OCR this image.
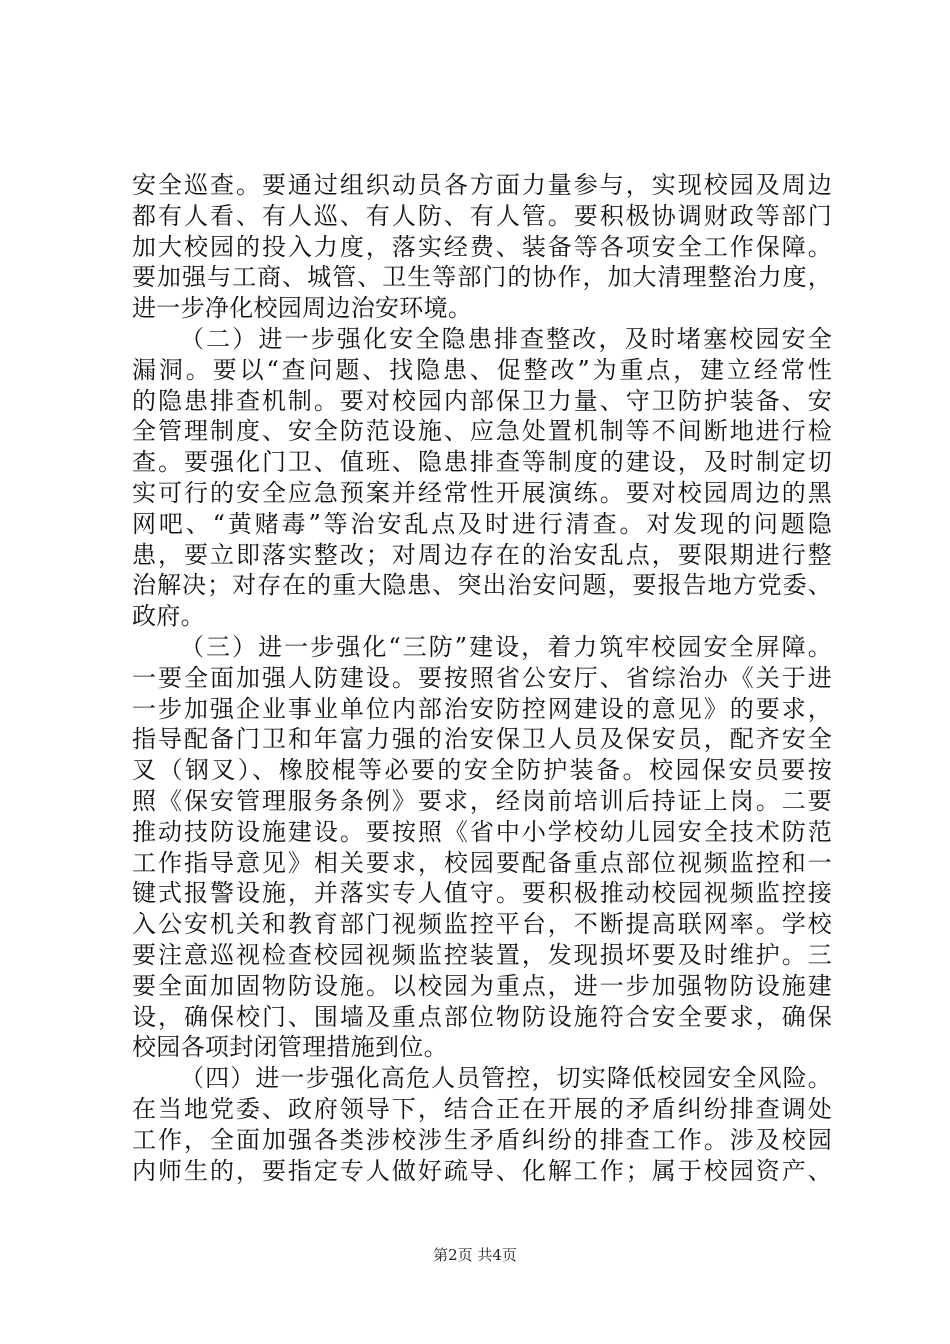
安全巡查。要通过组织动员各方面力量参与，实现校园及周边
都有人看、有人巡、有人防、有人管。要积极协调财政等部门
加大校园的投入力度，落实经费、装备等各项安全工作保障。
要加强与工商、城管、卫生等部门的协作，加大清理整治力度，
进一步净化校园周边治安环境。
（二）进一步强化安全隐患排查整改，及时堵塞校园安全
漏洞。要以“查问题、找隐患、促整改”为重点，建立经常性
的隐患排查机制。要对校园内部保卫力量、守卫防护装备、安
全管理制度、安全防范设施、应急处置机制等不间断地进行检
查。要强化门卫、值班、隐患排查等制度的建设，及时制定切
实可行的安全应急预案并经常性开展演练。要对校园周边的黑
网吧、“黄赌毒”等治安乱点及时进行清查。对发现的问题隐
患，要立即落实整改；对周边存在的治安乱点，要限期进行整
治解决；对存在的重大隐患、突出治安问题，要报告地方党委、
政府。
（三）进一步强化“三防”建设，着力筑牢校园安全屏障。
一要全面加强人防建设。要按照省公安厅、省综治办《关于进
一步加强企业事业单位内部治安防控网建设的意见》的要求，
指导配备门卫和年富力强的治安保卫人员及保安员，配齐安全
叉（钢叉）、橡胶棍等必要的安全防护装备。校园保安员要按
照《保安管理服务条例》要求，经岗前培训后持证上岗。二要
推动技防设施建设。要按照《省中小学校幼儿园安全技术防范
工作指导意见》相关要求，校园要配备重点部位视频监控和一
键式报警设施，并落实专人值守。要积极推动校园视频监控接
入公安机关和教育部门视频监控平台，不断提高联网率。学校
要注意巡视检查校园视频监控装置，发现损坏要及时维护。三
要全面加固物防设施。以校园为重点，进一步加强物防设施建
设，确保校门、围墙及重点部位物防设施符合安全要求，确保
校园各项封闭管理措施到位。
（四）进一步强化高危人员管控，切实降低校园安全风险。
在当地党委、政府领导下，结合正在开展的矛盾纠纷排查调处
工作，全面加强各类涉校涉生矛盾纠纷的排查工作。涉及校园
内师生的，要指定专人做好疏导、化解工作；属于校园资产、
第2页 共4页
